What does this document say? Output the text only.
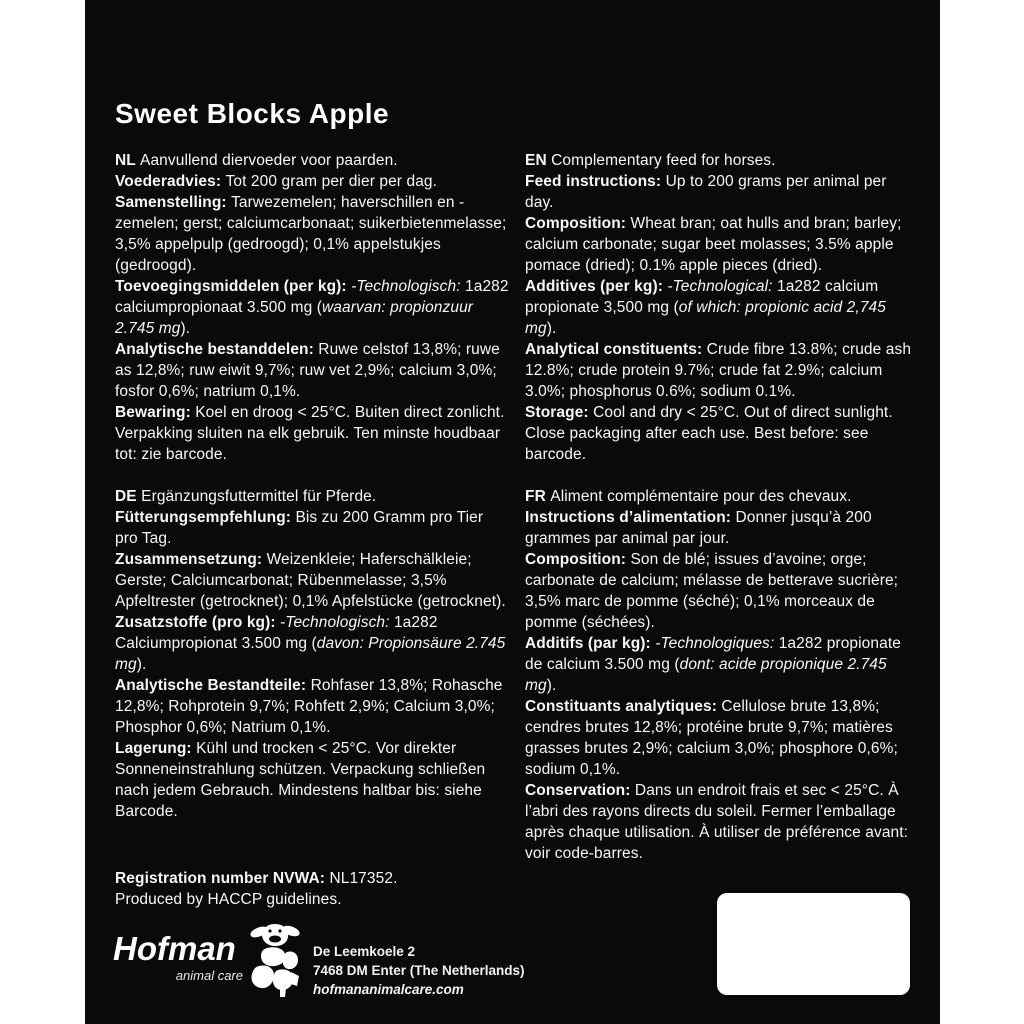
Sweet Blocks Apple

NL Aanvullend diervoeder voor paarden.

Voederadvies: Tot 200 gram per dier per dag.

Samenstelling: Tarwezemelen; haverschillen en -zemelen; gerst; calciumcarbonaat; suikerbietenmelasse; 3,5% appelpulp (gedroogd); 0,1% appelstukjes (gedroogd).

Toevoegingsmiddelen (per kg): -Technologisch: 1a282 calciumpropionaat 3.500 mg (waarvan: propionzuur 2.745 mg).

Analytische bestanddelen: Ruwe celstof 13,8%; ruwe as 12,8%; ruw eiwit 9,7%; ruw vet 2,9%; calcium 3,0%; fosfor 0,6%; natrium 0,1%.

Bewaring: Koel en droog < 25°C. Buiten direct zonlicht. Verpakking sluiten na elk gebruik. Ten minste houdbaar tot: zie barcode.

DE Ergänzungsfuttermittel für Pferde.

Fütterungsempfehlung: Bis zu 200 Gramm pro Tier pro Tag.

Zusammensetzung: Weizenkleie; Haferschälkleie; Gerste; Calciumcarbonat; Rübenmelasse; 3,5% Apfeltrester (getrocknet); 0,1% Apfelstücke (getrocknet).

Zusatzstoffe (pro kg): -Technologisch: 1a282 Calciumpropionat 3.500 mg (davon: Propionsäure 2.745 mg).

Analytische Bestandteile: Rohfaser 13,8%; Rohasche 12,8%; Rohprotein 9,7%; Rohfett 2,9%; Calcium 3,0%; Phosphor 0,6%; Natrium 0,1%.

Lagerung: Kühl und trocken < 25°C. Vor direkter Sonneneinstrahlung schützen. Verpackung schließen nach jedem Gebrauch. Mindestens haltbar bis: siehe Barcode.

EN Complementary feed for horses.

Feed instructions: Up to 200 grams per animal per day.

Composition: Wheat bran; oat hulls and bran; barley; calcium carbonate; sugar beet molasses; 3.5% apple pomace (dried); 0.1% apple pieces (dried).

Additives (per kg): -Technological: 1a282 calcium propionate 3,500 mg (of which: propionic acid 2,745 mg).

Analytical constituents: Crude fibre 13.8%; crude ash 12.8%; crude protein 9.7%; crude fat 2.9%; calcium 3.0%; phosphorus 0.6%; sodium 0.1%.

Storage: Cool and dry < 25°C. Out of direct sunlight. Close packaging after each use. Best before: see barcode.

FR Aliment complémentaire pour des chevaux.

Instructions d’alimentation: Donner jusqu’à 200 grammes par animal par jour.

Composition: Son de blé; issues d’avoine; orge; carbonate de calcium; mélasse de betterave sucrière; 3,5% marc de pomme (séché); 0,1% morceaux de pomme (séchées).

Additifs (par kg): -Technologiques: 1a282 propionate de calcium 3.500 mg (dont: acide propionique 2.745 mg).

Constituants analytiques: Cellulose brute 13,8%; cendres brutes 12,8%; protéine brute 9,7%; matières grasses brutes 2,9%; calcium 3,0%; phosphore 0,6%; sodium 0,1%.

Conservation: Dans un endroit frais et sec < 25°C. À l’abri des rayons directs du soleil. Fermer l’emballage après chaque utilisation. À utiliser de préférence avant: voir code-barres.

Registration number NVWA: NL17352.

Produced by HACCP guidelines.

Hofman
animal care
De Leemkoele 2
7468 DM Enter (The Netherlands)
hofmananimalcare.com
